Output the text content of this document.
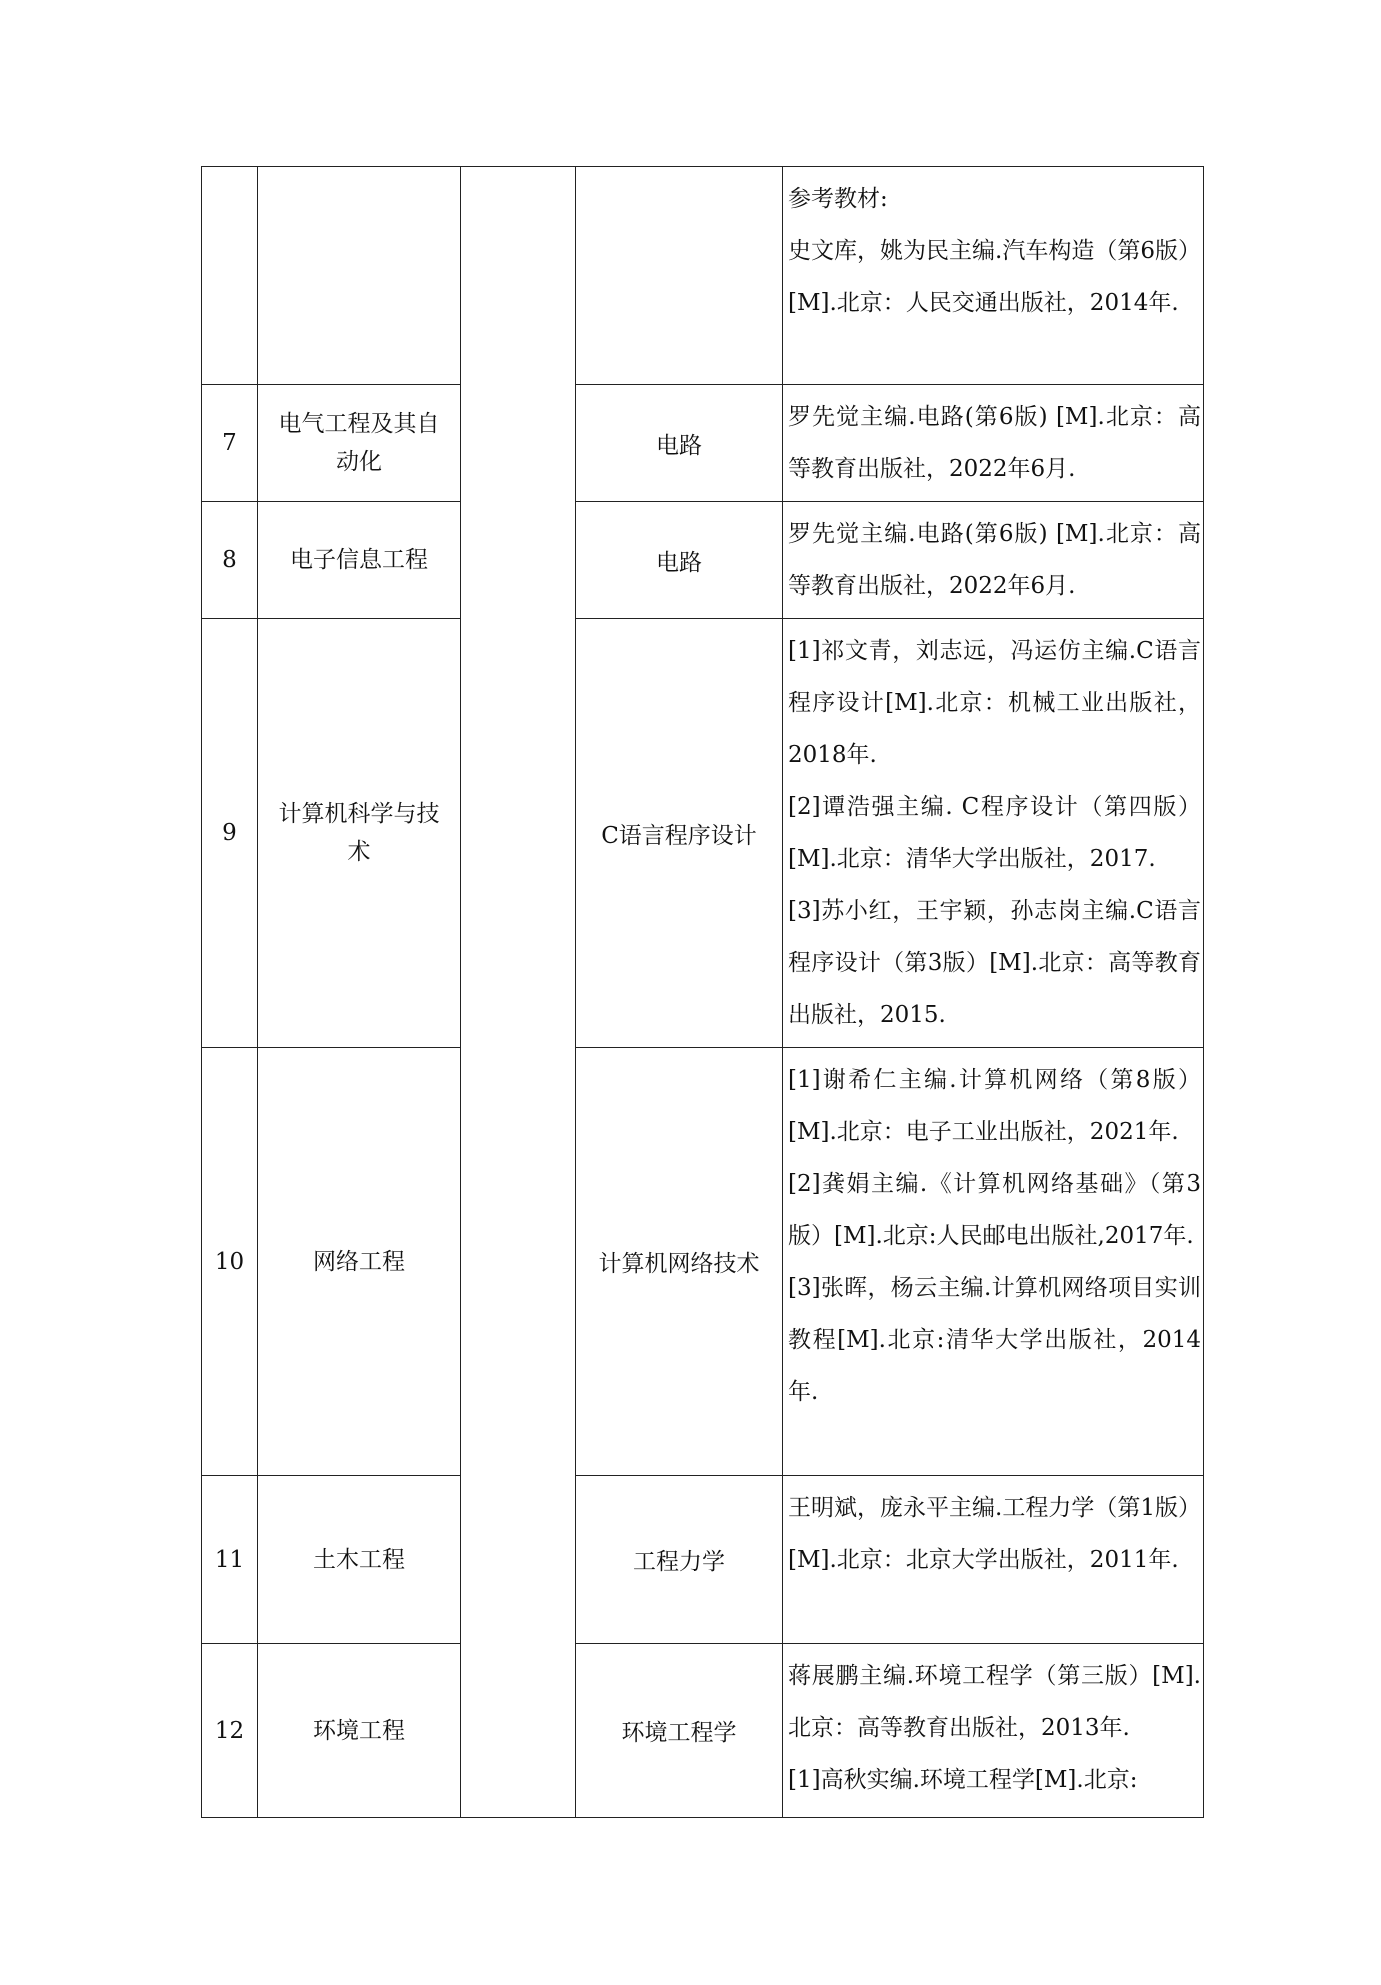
				参考教材:
史文库，姚为民主编.汽车构造（第6版）[M].北京：人民交通出版社，2014年.

7	电气工程及其自动化		电路	罗先觉主编.电路(第6版) [M].北京：高等教育出版社，2022年6月.

8	电子信息工程		电路	罗先觉主编.电路(第6版) [M].北京：高等教育出版社，2022年6月.

9	计算机科学与技术		C语言程序设计	[1]祁文青，刘志远，冯运仿主编.C语言程序设计[M].北京：机械工业出版社，2018年.
[2]谭浩强主编. C程序设计（第四版）[M].北京：清华大学出版社，2017.
[3]苏小红，王宇颖，孙志岗主编.C语言程序设计（第3版）[M].北京：高等教育出版社，2015.

10	网络工程		计算机网络技术	[1]谢希仁主编.计算机网络（第8版）[M].北京：电子工业出版社，2021年.
[2]龚娟主编.《计算机网络基础》（第3版）[M].北京:人民邮电出版社,2017年.
[3]张晖，杨云主编.计算机网络项目实训教程[M].北京:清华大学出版社，2014年.

11	土木工程		工程力学	王明斌，庞永平主编.工程力学（第1版）[M].北京：北京大学出版社，2011年.

12	环境工程		环境工程学	蒋展鹏主编.环境工程学（第三版）[M].北京：高等教育出版社，2013年.
[1]高秋实编.环境工程学[M].北京:
